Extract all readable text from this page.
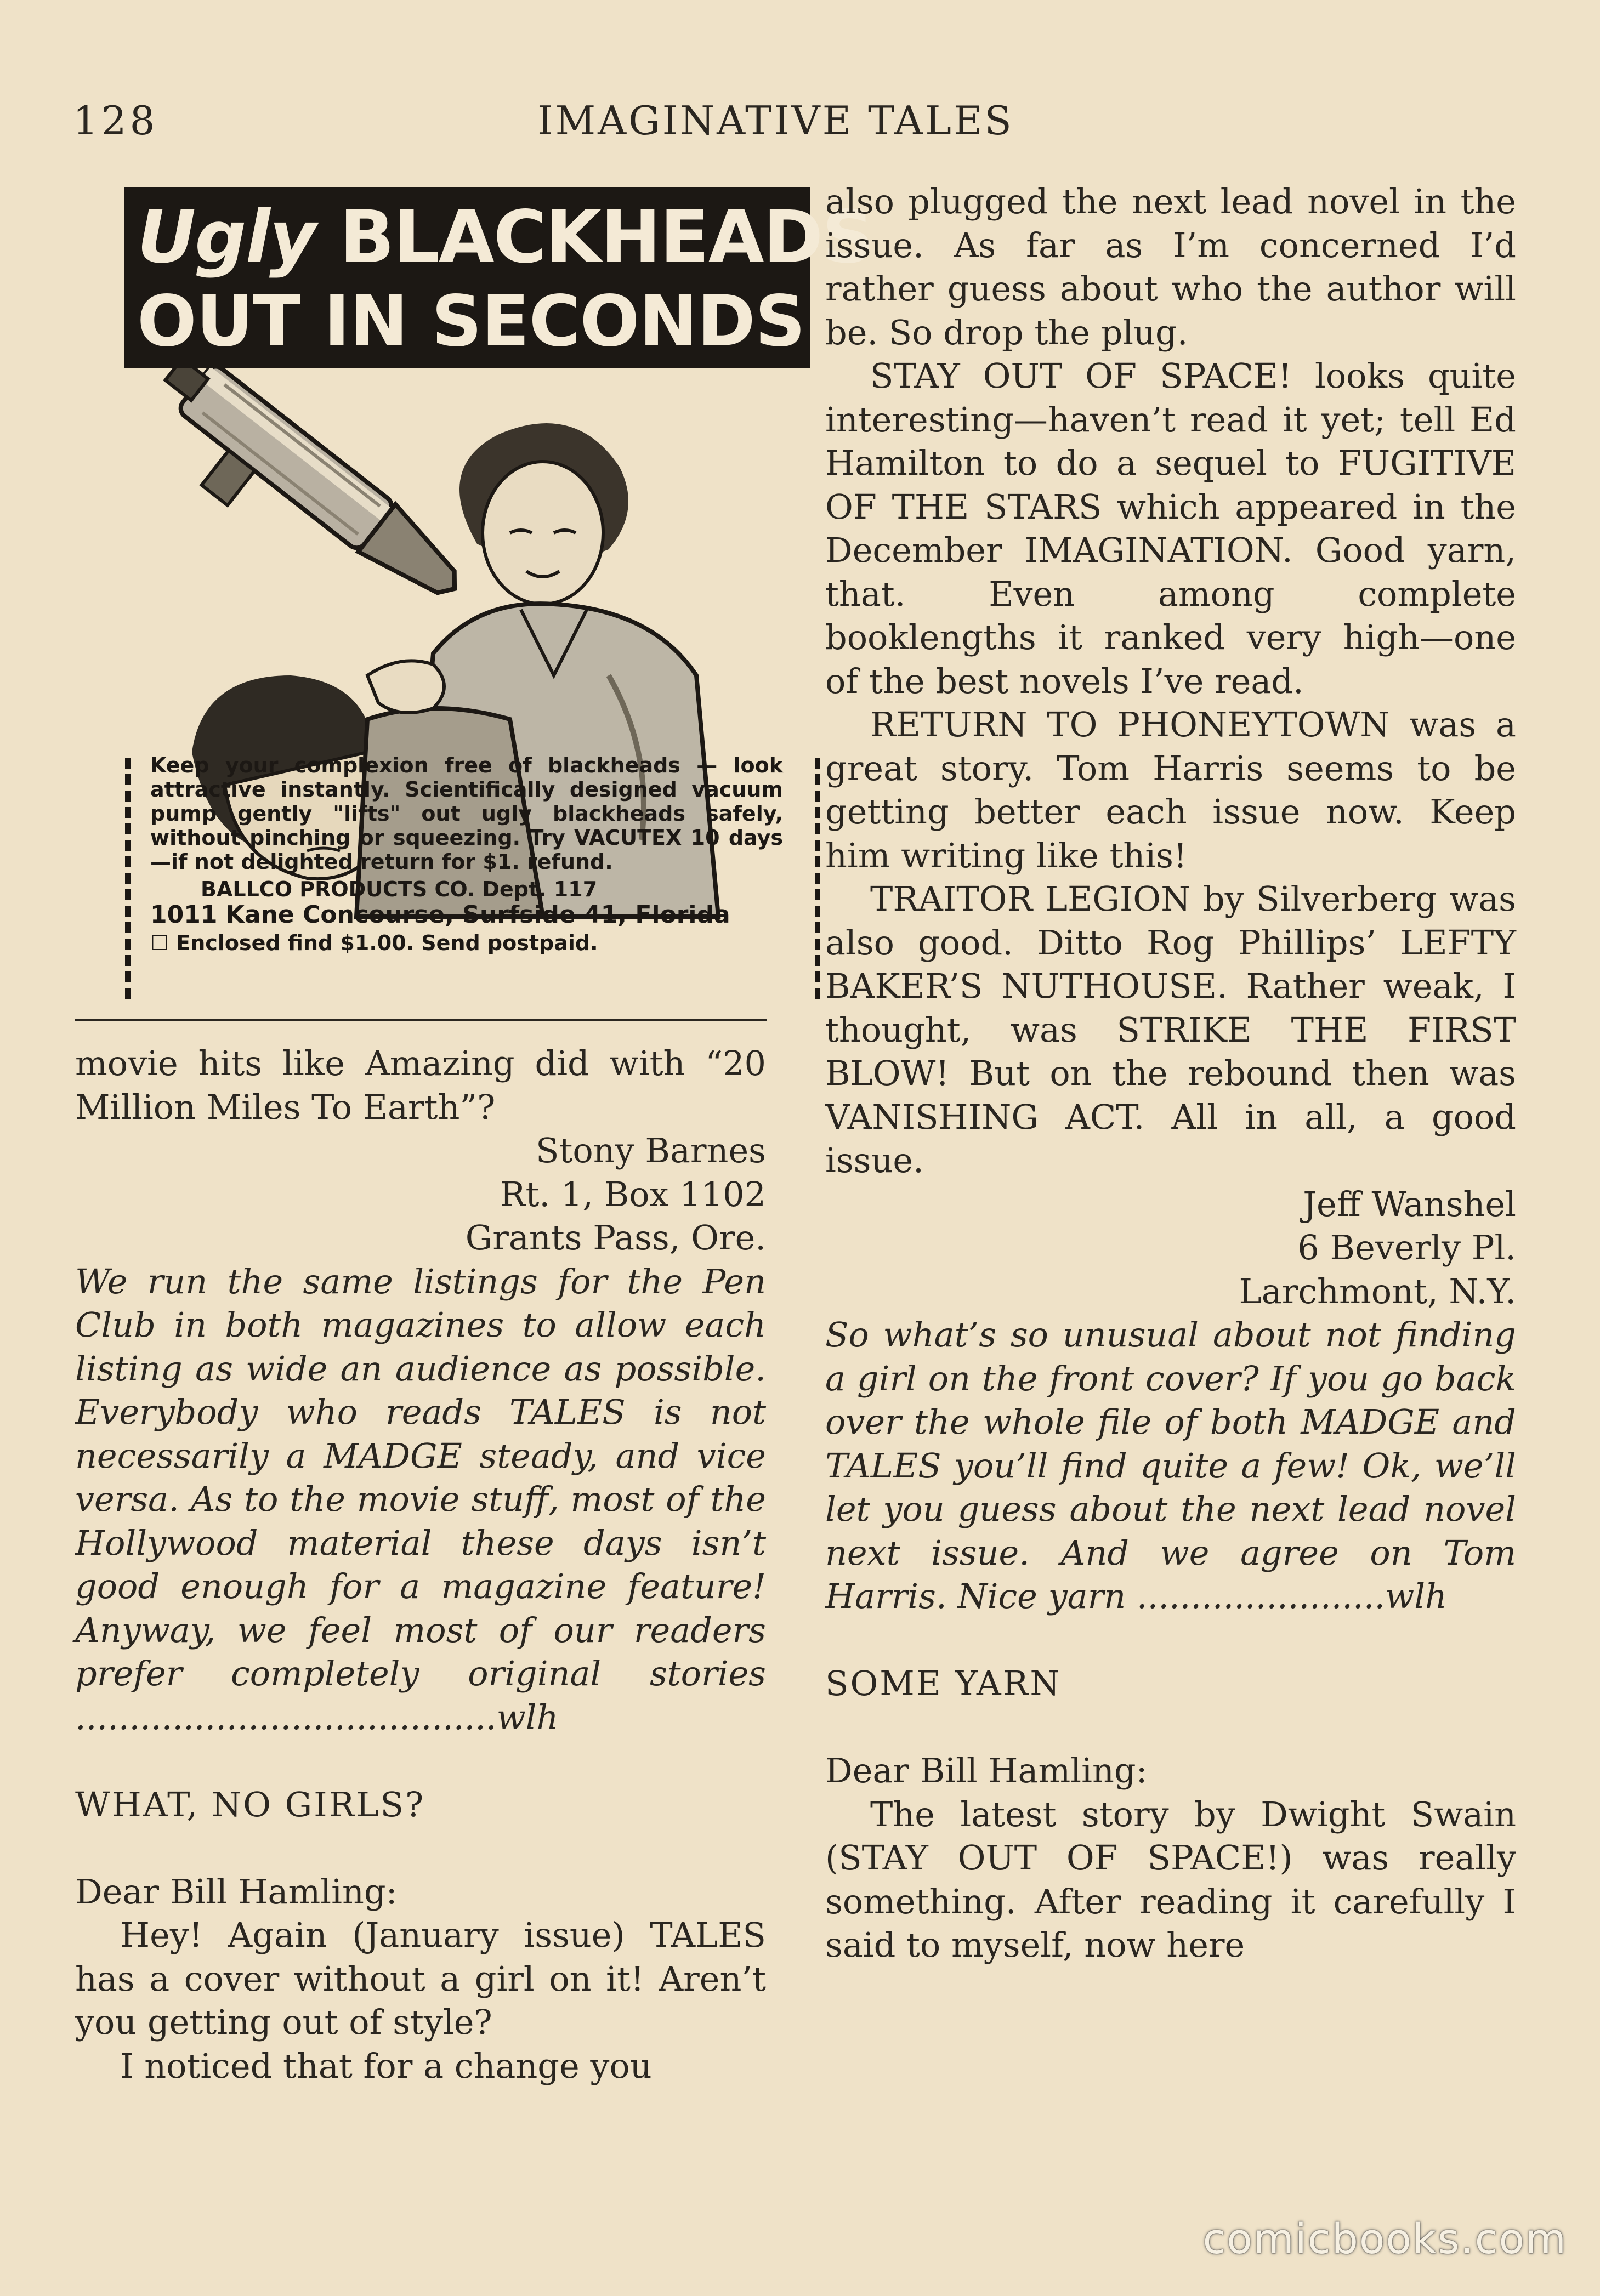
128	IMAGINATIVE TALES
Ugly BLACKHEADS
OUT IN SECONDS

Keep your complexion free of blackheads — look attractive instantly. Scientifically designed vacuum pump gently "lifts" out ugly blackheads safely, without pinching or squeezing. Try VACUTEX 10 days—if not delighted return for $1. refund.

BALLCO PRODUCTS CO. Dept. 117
1011 Kane Concourse, Surfside 41, Florida
☐ Enclosed find $1.00. Send postpaid.

movie hits like Amazing did with “20 Million Miles To Earth”?

Stony Barnes

Rt. 1, Box 1102

Grants Pass, Ore.

We run the same listings for the Pen Club in both magazines to allow each listing as wide an audience as possible. Everybody who reads TALES is not necessarily a MADGE steady, and vice versa. As to the movie stuff, most of the Hollywood material these days isn’t good enough for a magazine feature! Anyway, we feel most of our readers prefer completely original stories .......................................wlh

WHAT, NO GIRLS?

Dear Bill Hamling:

Hey! Again (January issue) TALES has a cover without a girl on it! Aren’t you getting out of style?

I noticed that for a change you

also plugged the next lead novel in the issue. As far as I’m concerned I’d rather guess about who the author will be. So drop the plug.

STAY OUT OF SPACE! looks quite interesting—haven’t read it yet; tell Ed Hamilton to do a sequel to FUGITIVE OF THE STARS which appeared in the December IMAGINATION. Good yarn, that. Even among complete booklengths it ranked very high—one of the best novels I’ve read.

RETURN TO PHONEYTOWN was a great story. Tom Harris seems to be getting better each issue now. Keep him writing like this!

TRAITOR LEGION by Silverberg was also good. Ditto Rog Phillips’ LEFTY BAKER’S NUTHOUSE. Rather weak, I thought, was STRIKE THE FIRST BLOW! But on the rebound then was VANISHING ACT. All in all, a good issue.

Jeff Wanshel

6 Beverly Pl.

Larchmont, N.Y.

So what’s so unusual about not finding a girl on the front cover? If you go back over the whole file of both MADGE and TALES you’ll find quite a few! Ok, we’ll let you guess about the next lead novel next issue. And we agree on Tom Harris. Nice yarn .......................wlh

SOME YARN

Dear Bill Hamling:

The latest story by Dwight Swain (STAY OUT OF SPACE!) was really something. After reading it carefully I said to myself, now here

comicbooks.com
